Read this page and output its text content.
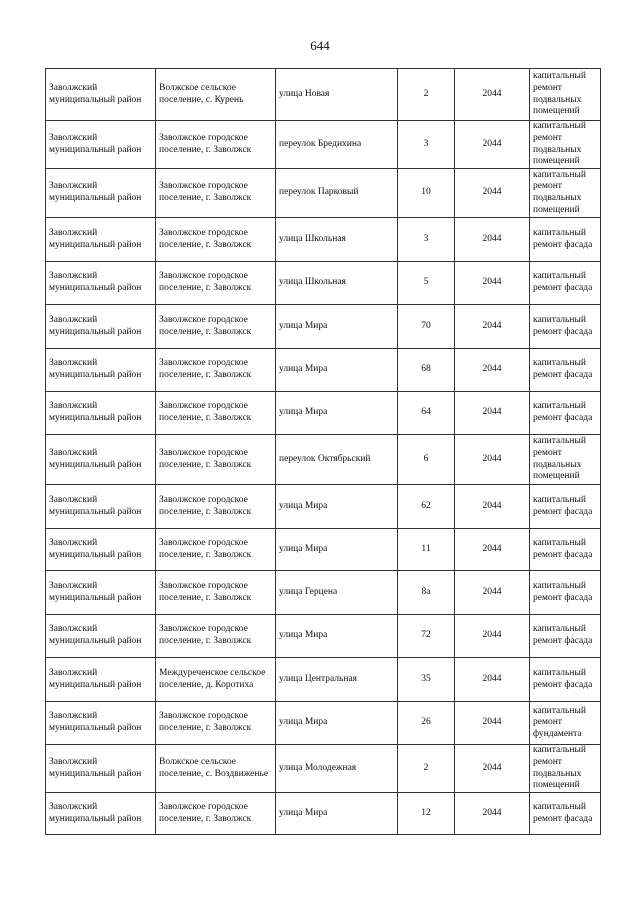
644
Заволжский муниципальный район	Волжское сельское поселение, с. Курень	улица Новая	2	2044	капитальный ремонт подвальных помещений
Заволжский муниципальный район	Заволжское городское поселение, г. Заволжск	переулок Бредихина	3	2044	капитальный ремонт подвальных помещений
Заволжский муниципальный район	Заволжское городское поселение, г. Заволжск	переулок Парковый	10	2044	капитальный ремонт подвальных помещений
Заволжский муниципальный район	Заволжское городское поселение, г. Заволжск	улица Школьная	3	2044	капитальный ремонт фасада
Заволжский муниципальный район	Заволжское городское поселение, г. Заволжск	улица Школьная	5	2044	капитальный ремонт фасада
Заволжский муниципальный район	Заволжское городское поселение, г. Заволжск	улица Мира	70	2044	капитальный ремонт фасада
Заволжский муниципальный район	Заволжское городское поселение, г. Заволжск	улица Мира	68	2044	капитальный ремонт фасада
Заволжский муниципальный район	Заволжское городское поселение, г. Заволжск	улица Мира	64	2044	капитальный ремонт фасада
Заволжский муниципальный район	Заволжское городское поселение, г. Заволжск	переулок Октябрьский	6	2044	капитальный ремонт подвальных помещений
Заволжский муниципальный район	Заволжское городское поселение, г. Заволжск	улица Мира	62	2044	капитальный ремонт фасада
Заволжский муниципальный район	Заволжское городское поселение, г. Заволжск	улица Мира	11	2044	капитальный ремонт фасада
Заволжский муниципальный район	Заволжское городское поселение, г. Заволжск	улица Герцена	8а	2044	капитальный ремонт фасада
Заволжский муниципальный район	Заволжское городское поселение, г. Заволжск	улица Мира	72	2044	капитальный ремонт фасада
Заволжский муниципальный район	Междуреченское сельское поселение, д. Коротиха	улица Центральная	35	2044	капитальный ремонт фасада
Заволжский муниципальный район	Заволжское городское поселение, г. Заволжск	улица Мира	26	2044	капитальный ремонт фундамента
Заволжский муниципальный район	Волжское сельское поселение, с. Воздвиженье	улица Молодежная	2	2044	капитальный ремонт подвальных помещений
Заволжский муниципальный район	Заволжское городское поселение, г. Заволжск	улица Мира	12	2044	капитальный ремонт фасада
